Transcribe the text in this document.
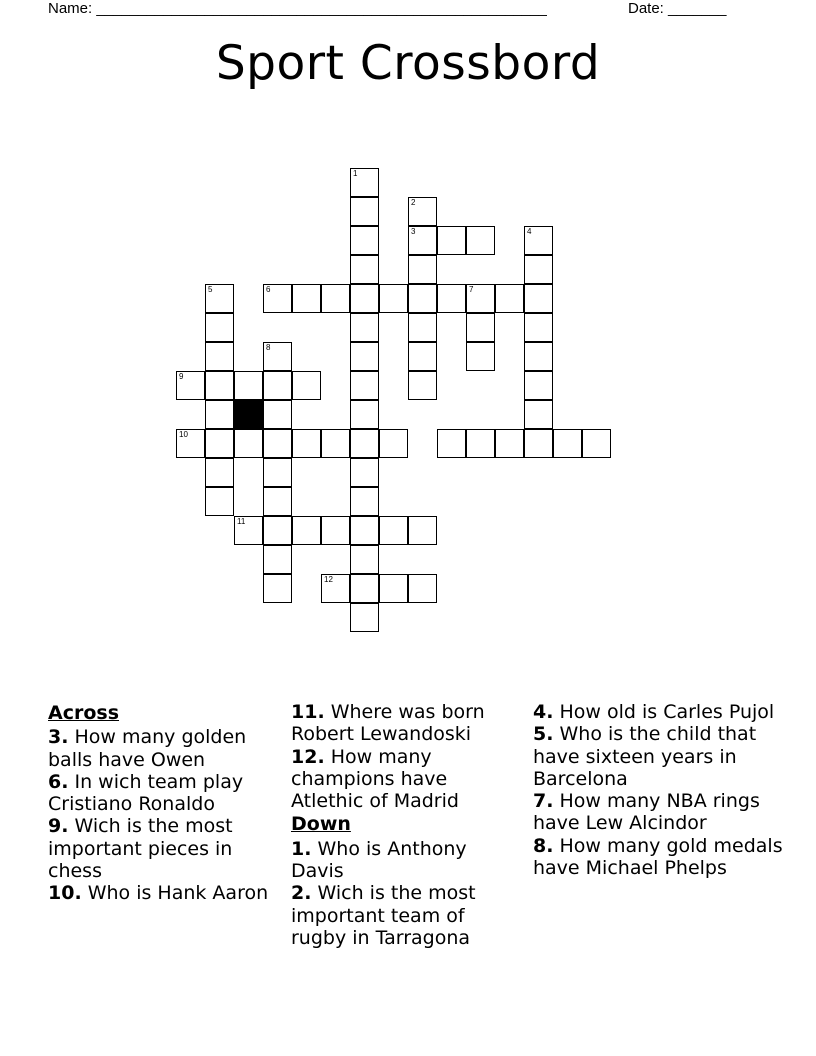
Name: ______________________________________________________	Date: _______
Sport Crossbord
1
2
3	4
5	6	7
8
9
10
11
12
Across
3. How many golden balls have Owen
6. In wich team play Cristiano Ronaldo
9. Wich is the most important pieces in chess
10. Who is Hank Aaron
11. Where was born Robert Lewandoski
12. How many champions have Atlethic of Madrid
Down
1. Who is Anthony Davis
2. Wich is the most important team of rugby in Tarragona
4. How old is Carles Pujol
5. Who is the child that have sixteen years in Barcelona
7. How many NBA rings have Lew Alcindor
8. How many gold medals have Michael Phelps
